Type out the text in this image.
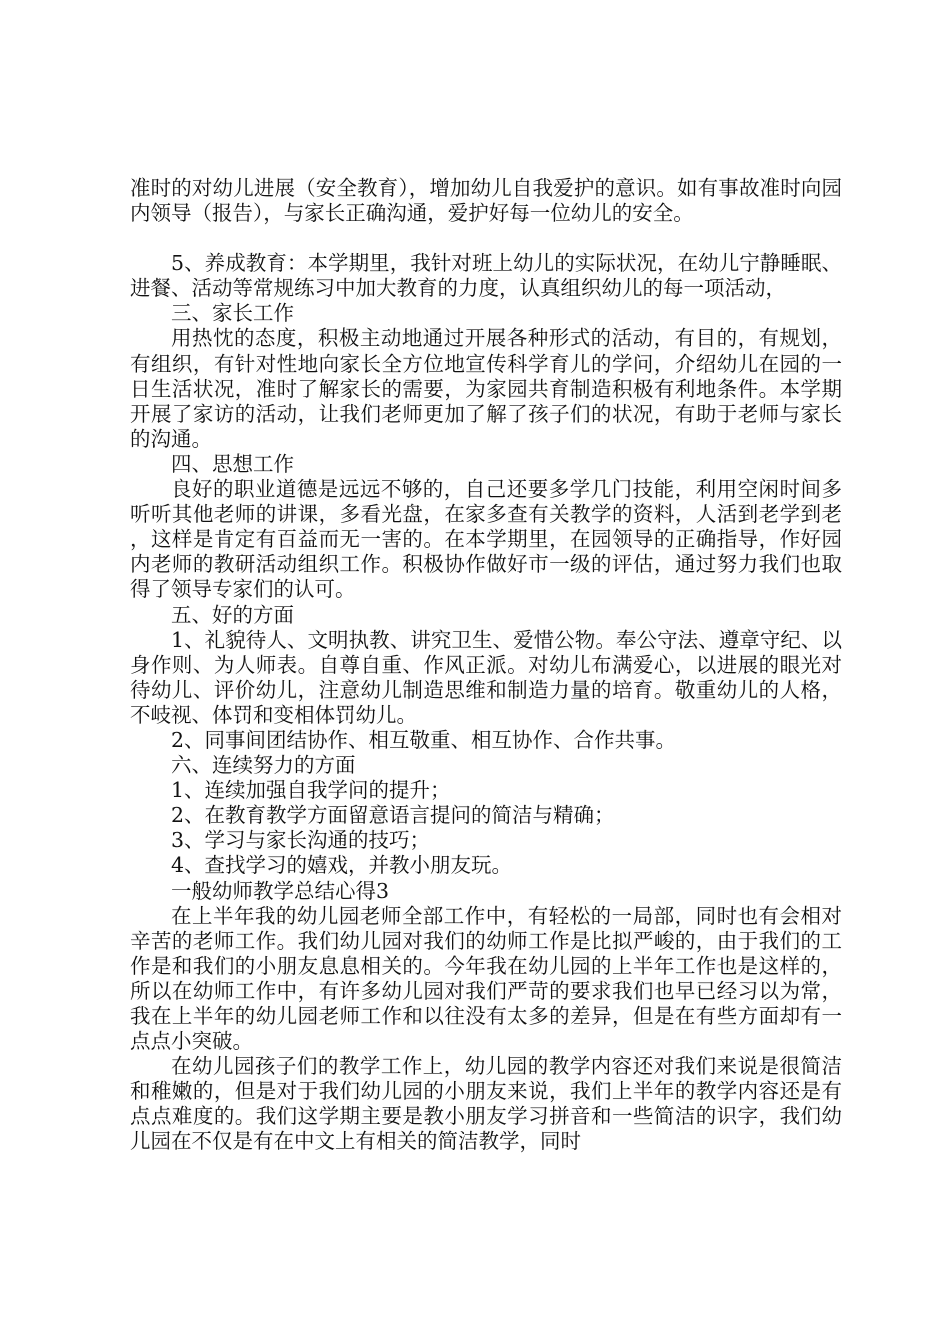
准时的对幼儿进展（安全教育），增加幼儿自我爱护的意识。如有事故准时向园内领导（报告），与家长正确沟通，爱护好每一位幼儿的安全。

5、养成教育：本学期里，我针对班上幼儿的实际状况，在幼儿宁静睡眠、进餐、活动等常规练习中加大教育的力度，认真组织幼儿的每一项活动，

三、家长工作

用热忱的态度，积极主动地通过开展各种形式的活动，有目的，有规划，有组织，有针对性地向家长全方位地宣传科学育儿的学问，介绍幼儿在园的一日生活状况，准时了解家长的需要，为家园共育制造积极有利地条件。本学期开展了家访的活动，让我们老师更加了解了孩子们的状况，有助于老师与家长的沟通。

四、思想工作

良好的职业道德是远远不够的，自己还要多学几门技能，利用空闲时间多听听其他老师的讲课，多看光盘，在家多查有关教学的资料，人活到老学到老，这样是肯定有百益而无一害的。在本学期里，在园领导的正确指导，作好园内老师的教研活动组织工作。积极协作做好市一级的评估，通过努力我们也取得了领导专家们的认可。

五、好的方面

1、礼貌待人、文明执教、讲究卫生、爱惜公物。奉公守法、遵章守纪、以身作则、为人师表。自尊自重、作风正派。对幼儿布满爱心，以进展的眼光对待幼儿、评价幼儿，注意幼儿制造思维和制造力量的培育。敬重幼儿的人格，不岐视、体罚和变相体罚幼儿。

2、同事间团结协作、相互敬重、相互协作、合作共事。

六、连续努力的方面

1、连续加强自我学问的提升；

2、在教育教学方面留意语言提问的简洁与精确；

3、学习与家长沟通的技巧；

4、查找学习的嬉戏，并教小朋友玩。

一般幼师教学总结心得3

在上半年我的幼儿园老师全部工作中，有轻松的一局部，同时也有会相对辛苦的老师工作。我们幼儿园对我们的幼师工作是比拟严峻的，由于我们的工作是和我们的小朋友息息相关的。今年我在幼儿园的上半年工作也是这样的，所以在幼师工作中，有许多幼儿园对我们严苛的要求我们也早已经习以为常，我在上半年的幼儿园老师工作和以往没有太多的差异，但是在有些方面却有一点点小突破。

在幼儿园孩子们的教学工作上，幼儿园的教学内容还对我们来说是很简洁和稚嫩的，但是对于我们幼儿园的小朋友来说，我们上半年的教学内容还是有点点难度的。我们这学期主要是教小朋友学习拼音和一些简洁的识字，我们幼儿园在不仅是有在中文上有相关的简洁教学，同时
